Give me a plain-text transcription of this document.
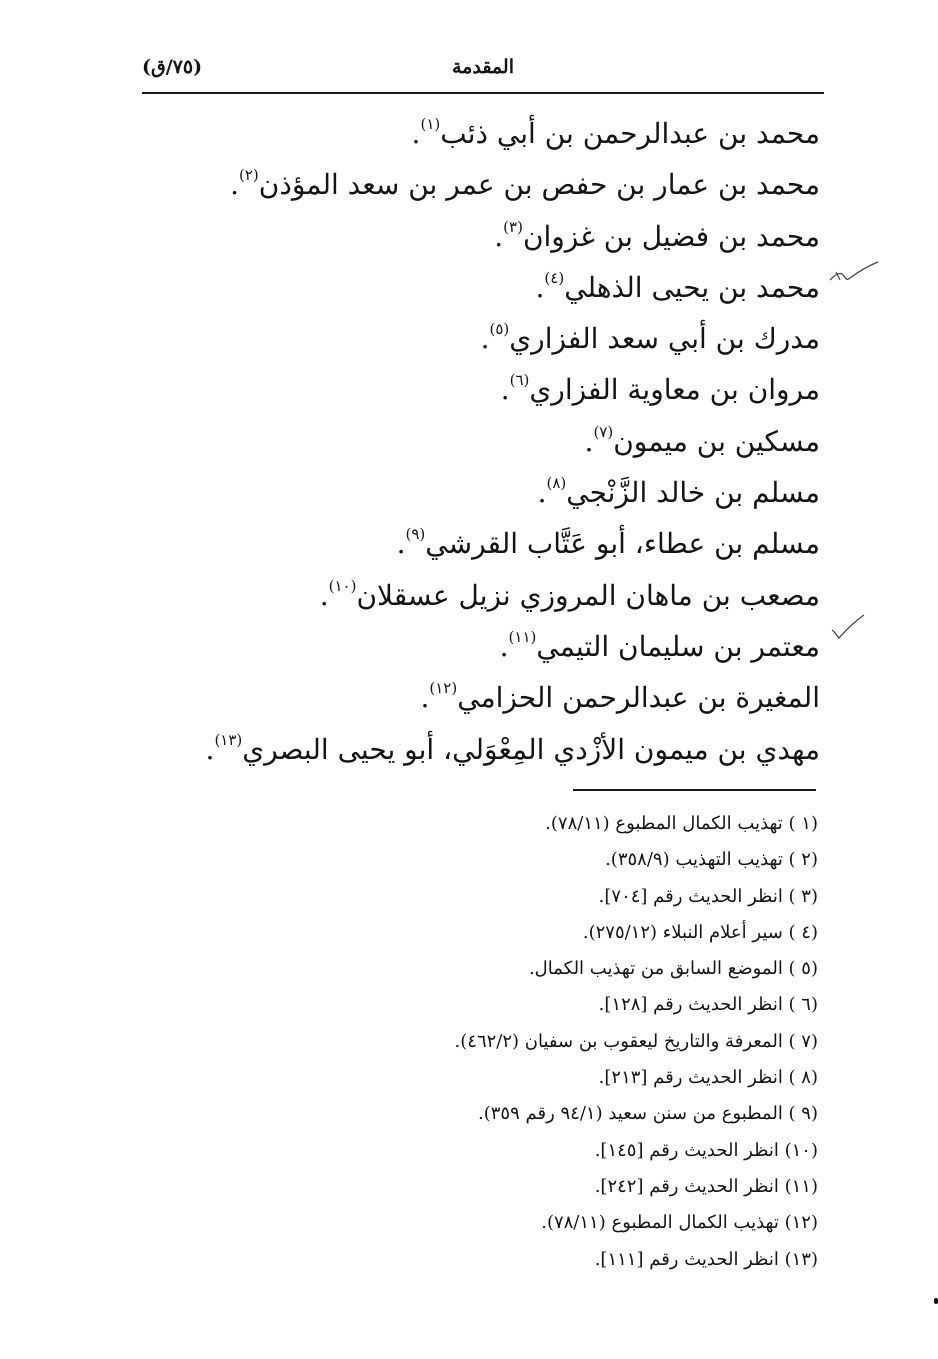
المقدمة
(٧٥/ق)
محمد بن عبدالرحمن بن أبي ذئب$^{(١)}$.
محمد بن عمار بن حفص بن عمر بن سعد المؤذن$^{(٢)}$.
محمد بن فضيل بن غزوان$^{(٣)}$.
محمد بن يحيى الذهلي$^{(٤)}$.
مدرك بن أبي سعد الفزاري$^{(٥)}$.
مروان بن معاوية الفزاري$^{(٦)}$.
مسكين بن ميمون$^{(٧)}$.
مسلم بن خالد الزَّنْجي$^{(٨)}$.
مسلم بن عطاء، أبو عَتَّاب القرشي$^{(٩)}$.
مصعب بن ماهان المروزي نزيل عسقلان$^{(١٠)}$.
معتمر بن سليمان التيمي$^{(١١)}$.
المغيرة بن عبدالرحمن الحزامي$^{(١٢)}$.
مهدي بن ميمون الأزْدي المِعْوَلي، أبو يحيى البصري$^{(١٣)}$.
(١ ) تهذيب الكمال المطبوع (٧٨/١١).
(٢ ) تهذيب التهذيب (٣٥٨/٩).
(٣ ) انظر الحديث رقم [٧٠٤].
(٤ ) سير أعلام النبلاء (٢٧٥/١٢).
(٥ ) الموضع السابق من تهذيب الكمال.
(٦ ) انظر الحديث رقم [١٢٨].
(٧ ) المعرفة والتاريخ ليعقوب بن سفيان (٤٦٢/٢).
(٨ ) انظر الحديث رقم [٢١٣].
(٩ ) المطبوع من سنن سعيد (٩٤/١ رقم ٣٥٩).
(١٠) انظر الحديث رقم [١٤٥].
(١١) انظر الحديث رقم [٢٤٢].
(١٢) تهذيب الكمال المطبوع (٧٨/١١).
(١٣) انظر الحديث رقم [١١١].
